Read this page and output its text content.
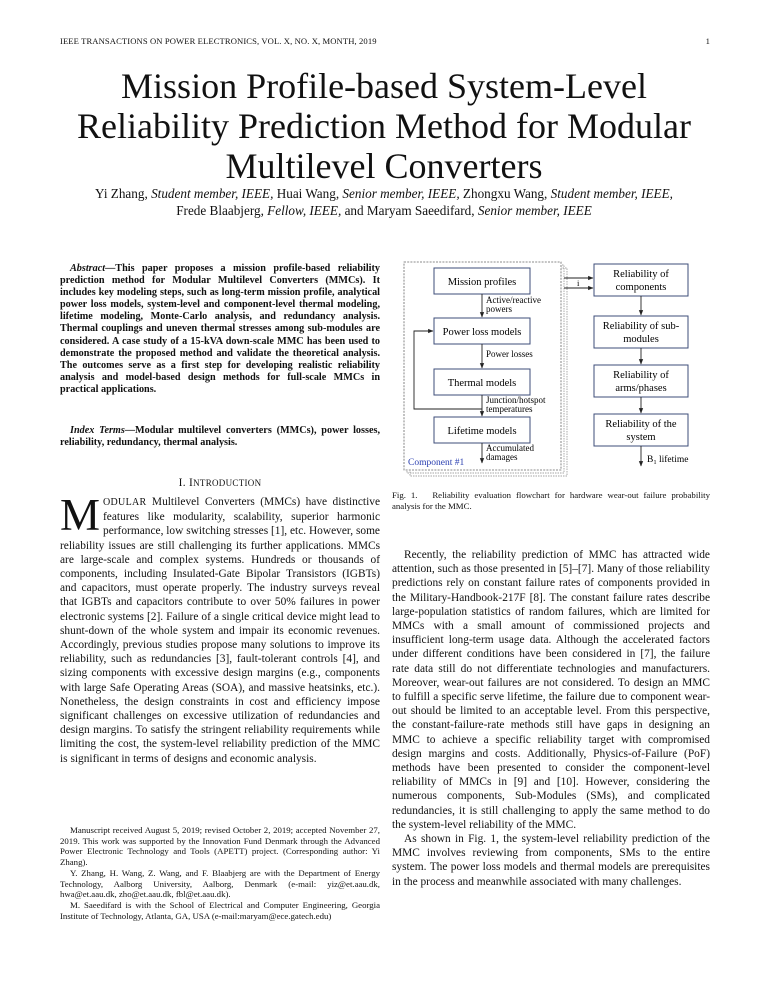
IEEE TRANSACTIONS ON POWER ELECTRONICS, VOL. X, NO. X, MONTH, 2019	1
Mission Profile-based System-Level Reliability Prediction Method for Modular Multilevel Converters
Yi Zhang, Student member, IEEE, Huai Wang, Senior member, IEEE, Zhongxu Wang, Student member, IEEE,
Frede Blaabjerg, Fellow, IEEE, and Maryam Saeedifard, Senior member, IEEE

Abstract—This paper proposes a mission profile-based reliability prediction method for Modular Multilevel Converters (MMCs). It includes key modeling steps, such as long-term mission profile, analytical power loss models, system-level and component-level thermal modeling, lifetime modeling, Monte-Carlo analysis, and redundancy analysis. Thermal couplings and uneven thermal stresses among sub-modules are considered. A case study of a 15-kVA down-scale MMC has been used to demonstrate the proposed method and validate the theoretical analysis. The outcomes serve as a first step for developing realistic reliability analysis and model-based design methods for full-scale MMCs in practical applications.

Index Terms—Modular multilevel converters (MMCs), power losses, reliability, redundancy, thermal analysis.

I. INTRODUCTION

MODULAR Multilevel Converters (MMCs) have distinctive features like modularity, scalability, superior harmonic performance, low switching stresses [1], etc. However, some reliability issues are still challenging its further applications. MMCs are large-scale and complex systems. Hundreds or thousands of components, including Insulated-Gate Bipolar Transistors (IGBTs) and capacitors, must operate properly. The industry surveys reveal that IGBTs and capacitors contribute to over 50% failures in power electronic systems [2]. Failure of a single critical device might lead to shunt-down of the whole system and impair its economic revenues. Accordingly, previous studies propose many solutions to improve its reliability, such as redundancies [3], fault-tolerant controls [4], and sizing components with excessive design margins (e.g., components with large Safe Operating Areas (SOA), and massive heatsinks, etc.). Nonetheless, the design constraints in cost and efficiency impose significant challenges on excessive utilization of redundancies and design margins. To satisfy the stringent reliability requirements while limiting the cost, the system-level reliability prediction of the MMC is significant in terms of designs and economic analysis.

Manuscript received August 5, 2019; revised October 2, 2019; accepted November 27, 2019. This work was supported by the Innovation Fund Denmark through the Advanced Power Electronic Technology and Tools (APETT) project. (Corresponding author: Yi Zhang).

Y. Zhang, H. Wang, Z. Wang, and F. Blaabjerg are with the Department of Energy Technology, Aalborg University, Aalborg, Denmark (e-mail: yiz@et.aau.dk, hwa@et.aau.dk, zho@et.aau.dk, fbl@et.aau.dk).

M. Saeedifard is with the School of Electrical and Computer Engineering, Georgia Institute of Technology, Atlanta, GA, USA (e-mail:maryam@ece.gatech.edu)

Mission profiles
Power loss models
Thermal models
Lifetime models
Active/reactive
powers
Power losses
Junction/hotspot
temperatures
Accumulated
damages
Component #1
i
Reliability of
components
Reliability of sub-
modules
Reliability of
arms/phases
Reliability of the
system
$B_1$ lifetime

Fig. 1. Reliability evaluation flowchart for hardware wear-out failure probability analysis for the MMC.

Recently, the reliability prediction of MMC has attracted wide attention, such as those presented in [5]–[7]. Many of those reliability predictions rely on constant failure rates of components provided in the Military-Handbook-217F [8]. The constant failure rates describe large-population statistics of random failures, which are limited for MMCs with a small amount of commissioned projects and insufficient long-term usage data. Although the accelerated factors under different conditions have been considered in [7], the failure rate data still do not differentiate technologies and manufacturers. Moreover, wear-out failures are not considered. To design an MMC to fulfill a specific serve lifetime, the failure due to component wear-out should be limited to an acceptable level. From this perspective, the constant-failure-rate methods still have gaps in designing an MMC to achieve a specific reliability target with compromised design margins and costs. Additionally, Physics-of-Failure (PoF) methods have been presented to consider the component-level reliability of MMCs in [9] and [10]. However, considering the numerous components, Sub-Modules (SMs), and complicated redundancies, it is still challenging to apply the same method to do the system-level reliability of the MMC.

As shown in Fig. 1, the system-level reliability prediction of the MMC involves reviewing from components, SMs to the entire system. The power loss models and thermal models are prerequisites in the process and meanwhile associated with many challenges.
